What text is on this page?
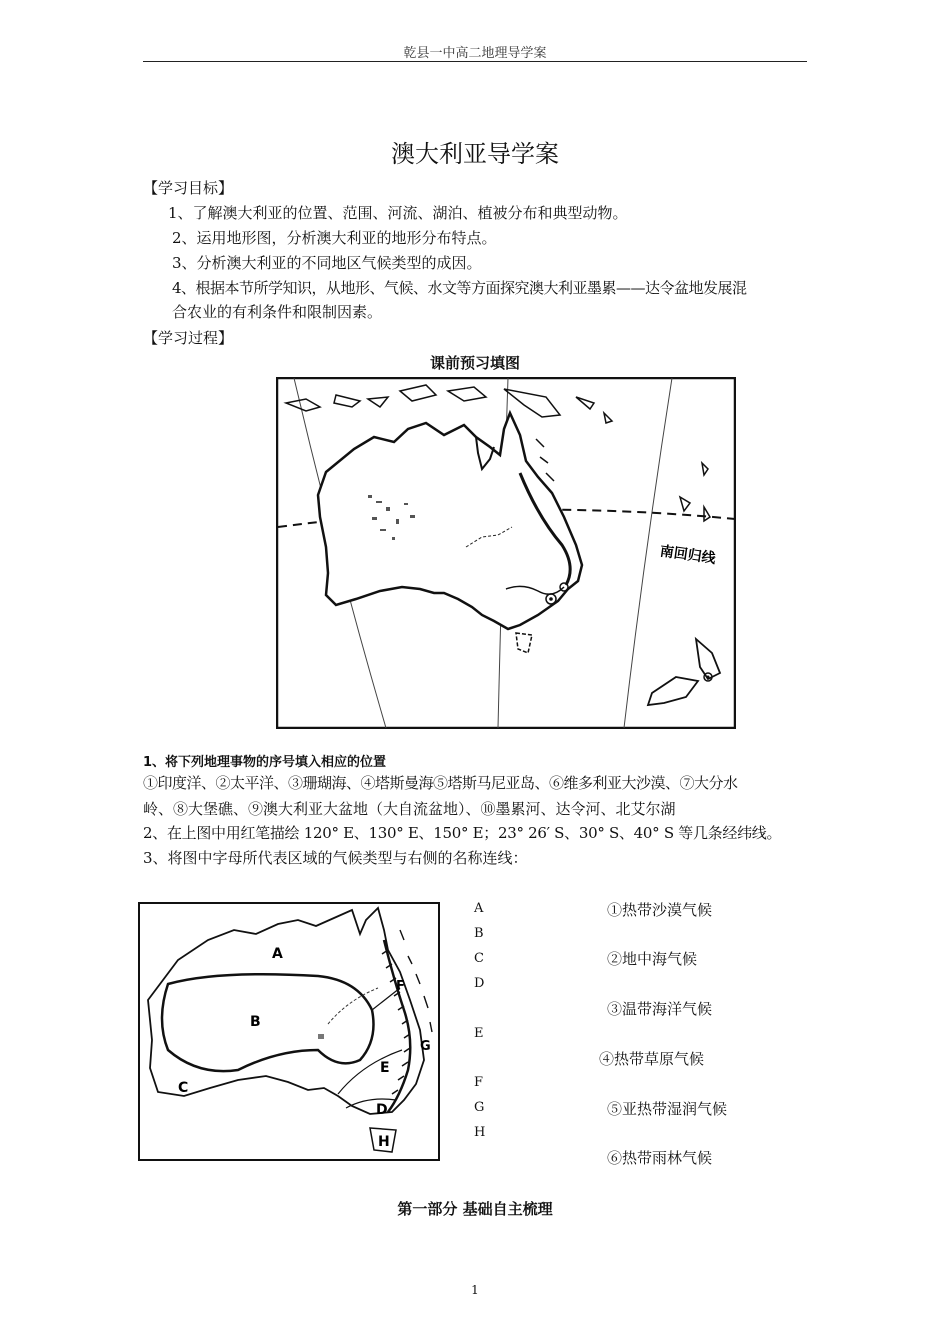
乾县一中高二地理导学案
澳大利亚导学案
【学习目标】
1、了解澳大利亚的位置、范围、河流、湖泊、植被分布和典型动物。
2、运用地形图，分析澳大利亚的地形分布特点。
3、分析澳大利亚的不同地区气候类型的成因。
4、根据本节所学知识，从地形、气候、水文等方面探究澳大利亚墨累——达令盆地发展混
合农业的有利条件和限制因素。
【学习过程】
课前预习填图
南回归线
1、将下列地理事物的序号填入相应的位置
①印度洋、②太平洋、③珊瑚海、④塔斯曼海⑤塔斯马尼亚岛、⑥维多利亚大沙漠、⑦大分水
岭、⑧大堡礁、⑨澳大利亚大盆地（大自流盆地）、⑩墨累河、达令河、北艾尔湖
2、在上图中用红笔描绘 120° E、130° E、150° E；23° 26′ S、30° S、40° S 等几条经纬线。
3、将图中字母所代表区域的气候类型与右侧的名称连线：
A
B
C
D
E
F
G
H
A
B
C
D
E
F
G
H
①热带沙漠气候
②地中海气候
③温带海洋气候
④热带草原气候
⑤亚热带湿润气候
⑥热带雨林气候
第一部分 基础自主梳理
1
